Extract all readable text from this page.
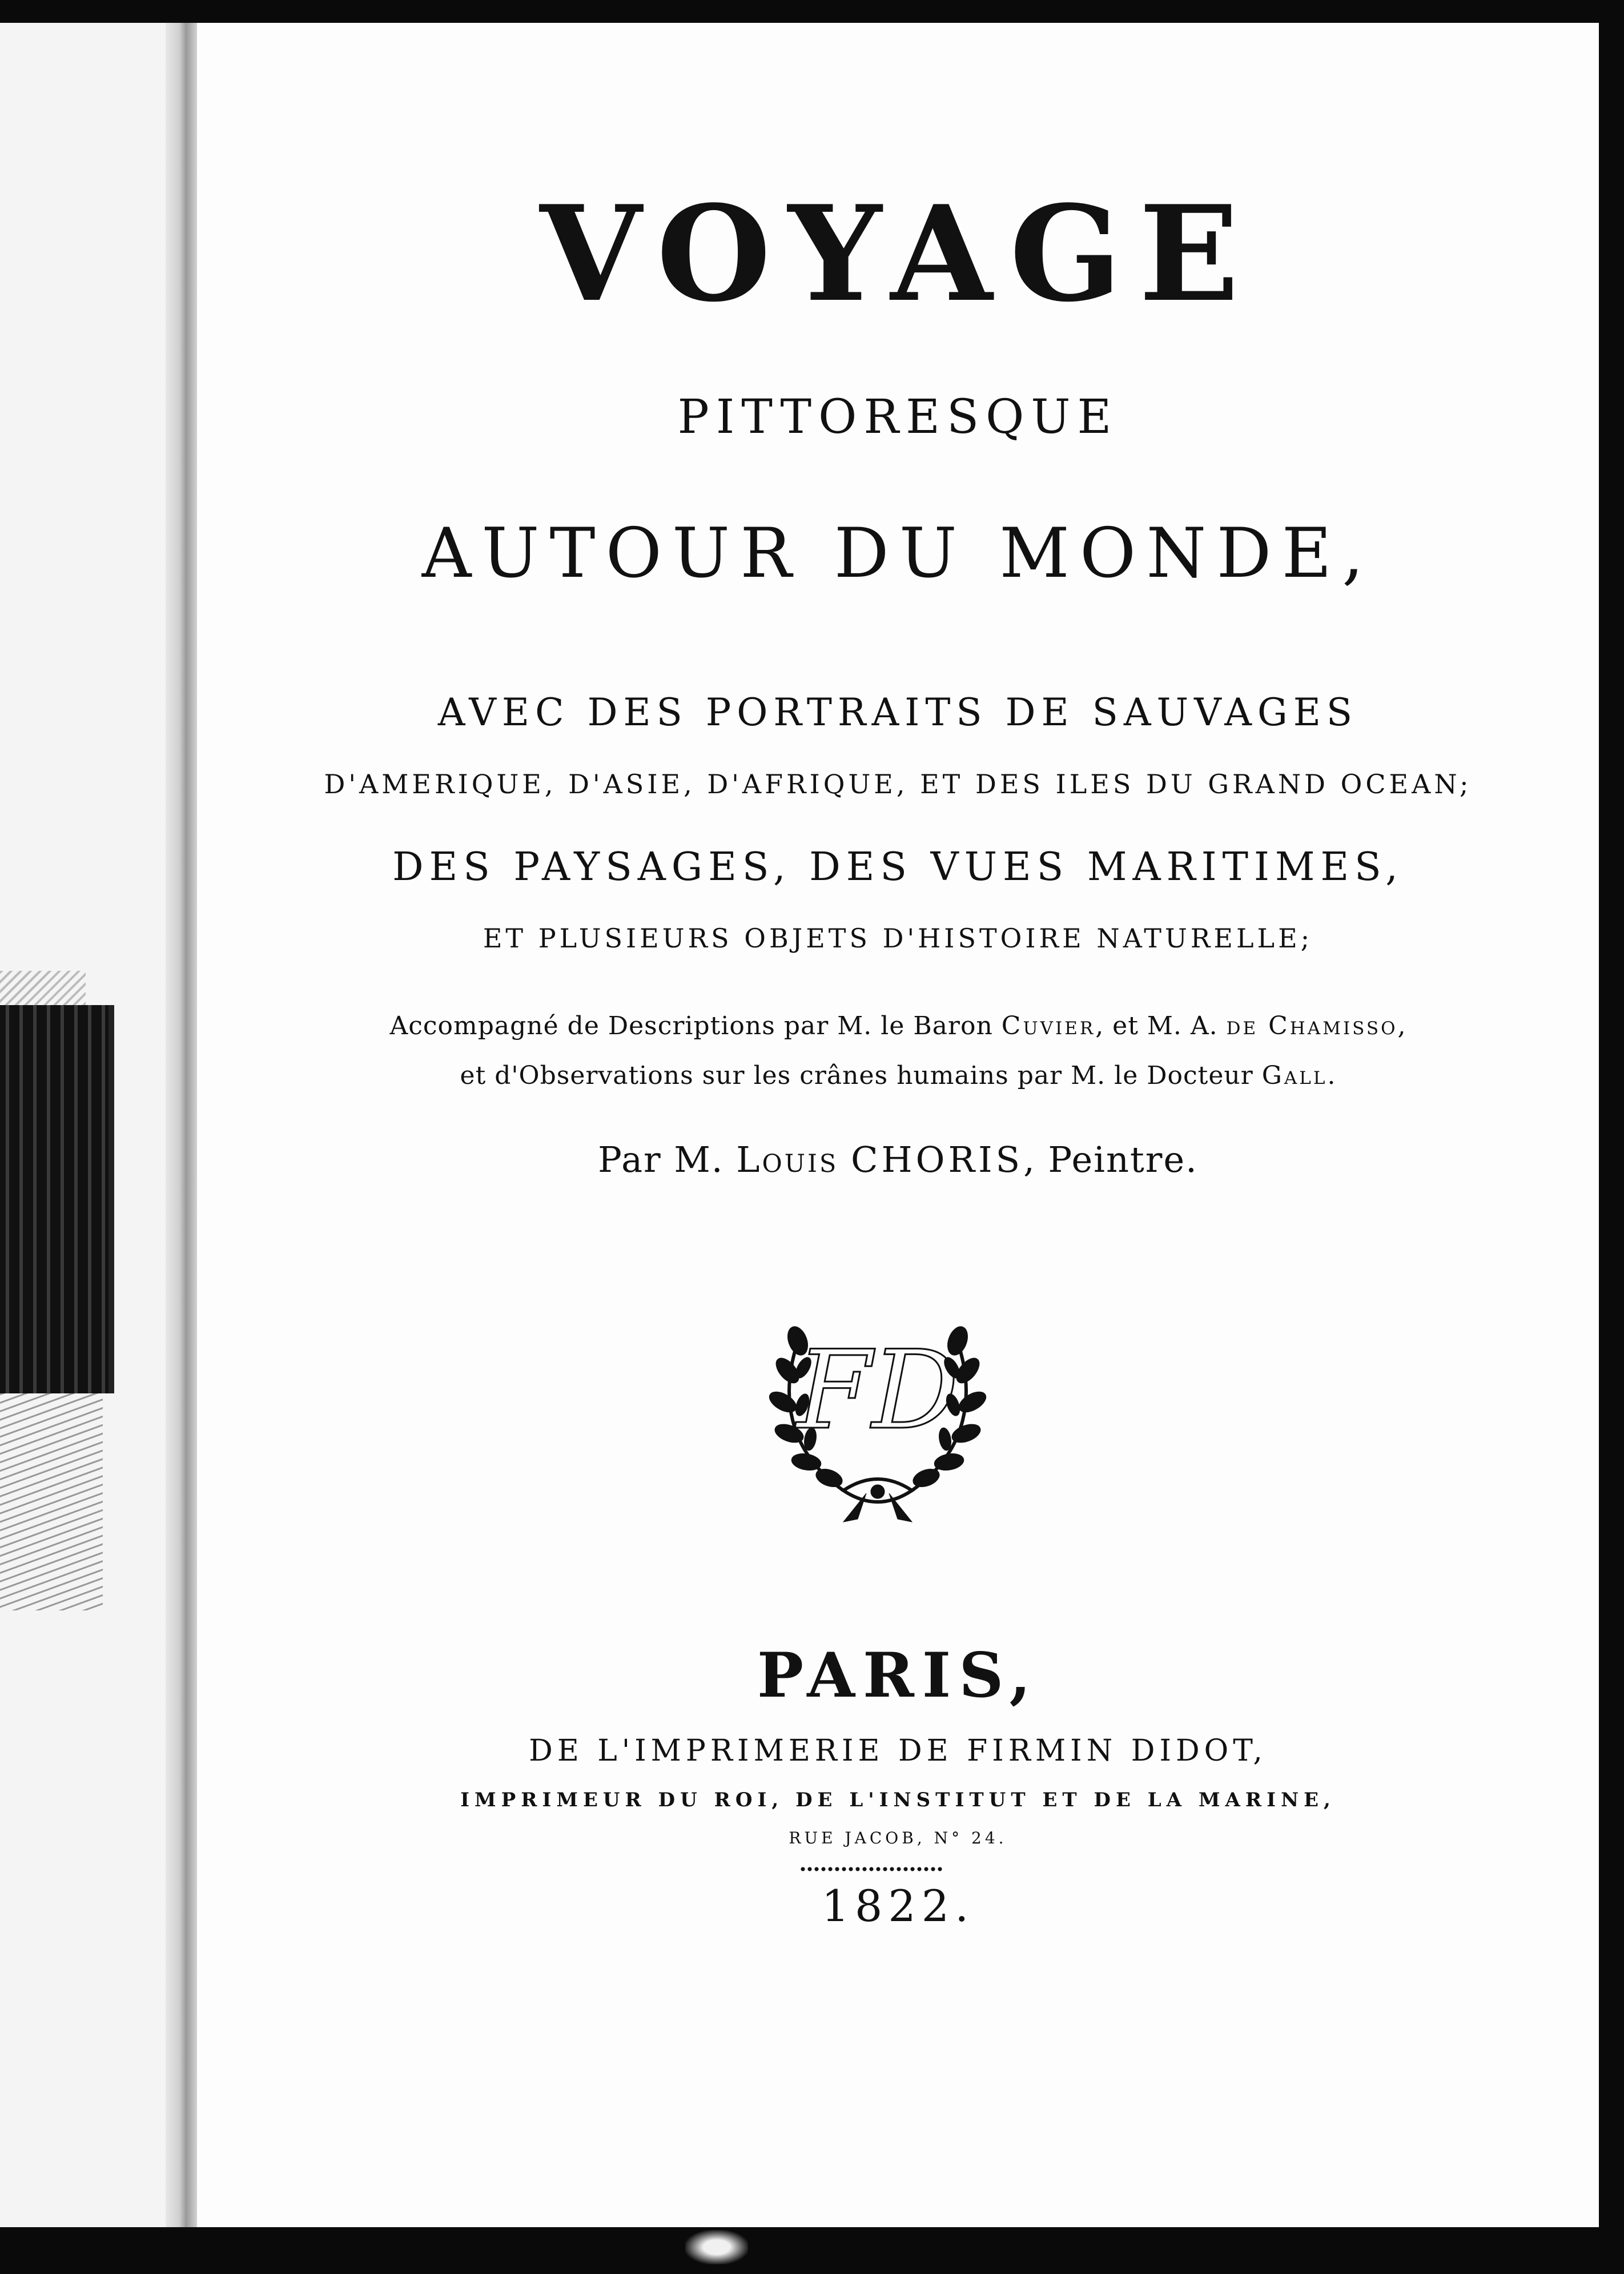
VOYAGE
PITTORESQUE
AUTOUR DU MONDE,
AVEC DES PORTRAITS DE SAUVAGES
D'AMERIQUE, D'ASIE, D'AFRIQUE, ET DES ILES DU GRAND OCEAN;
DES PAYSAGES, DES VUES MARITIMES,
ET PLUSIEURS OBJETS D'HISTOIRE NATURELLE;
Accompagné de Descriptions par M. le Baron Cuvier, et M. A. de Chamisso,
et d'Observations sur les crânes humains par M. le Docteur Gall.
Par M. Louis CHORIS, Peintre.
FD
PARIS,
DE L'IMPRIMERIE DE FIRMIN DIDOT,
IMPRIMEUR DU ROI, DE L'INSTITUT ET DE LA MARINE,
RUE JACOB, N° 24.
1822.
